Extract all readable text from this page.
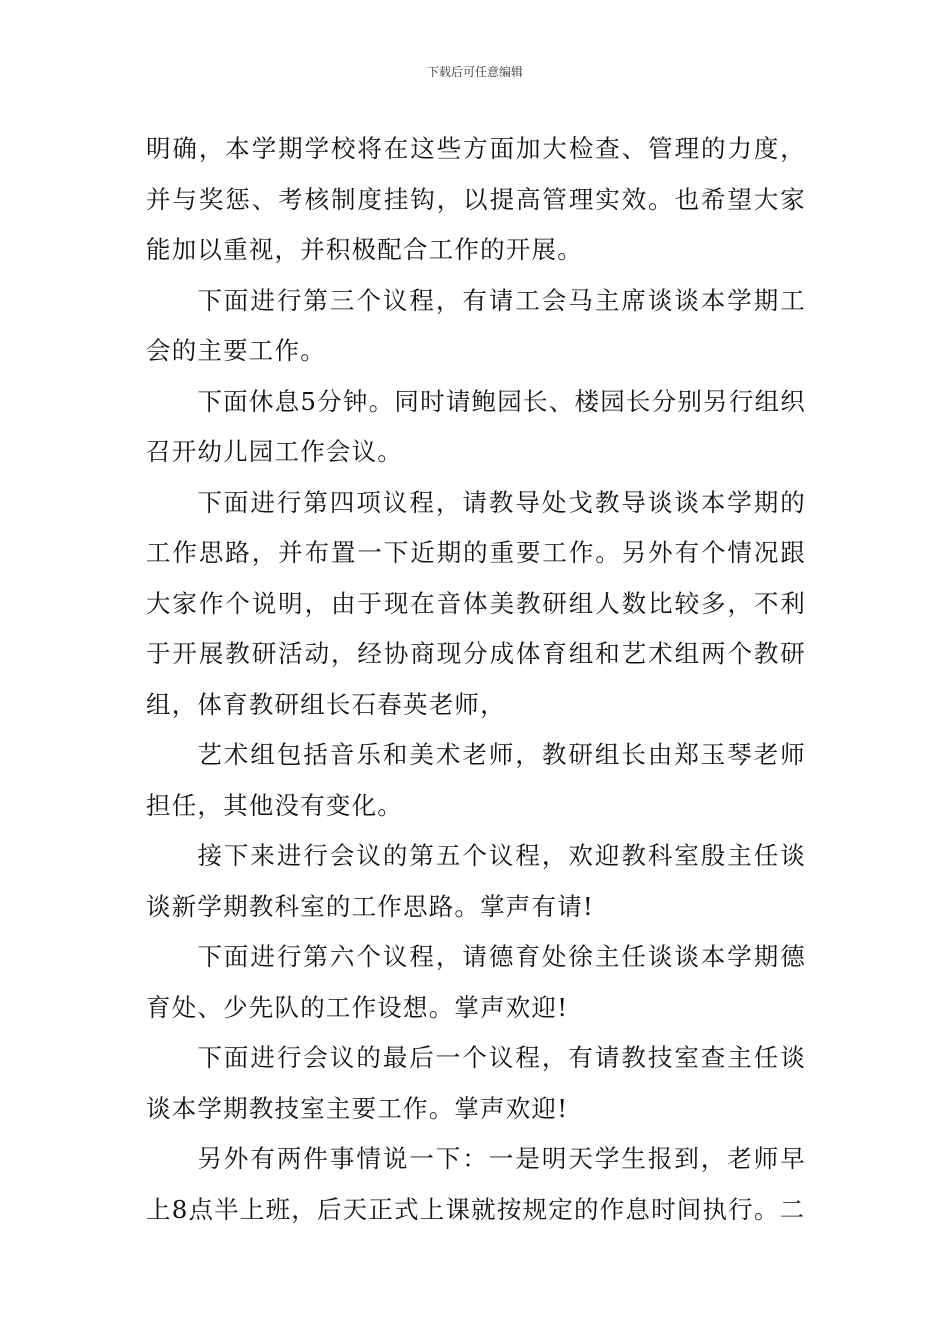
下载后可任意编辑

明确，本学期学校将在这些方面加大检查、管理的力度，并与奖惩、考核制度挂钩，以提高管理实效。也希望大家能加以重视，并积极配合工作的开展。

下面进行第三个议程，有请工会马主席谈谈本学期工会的主要工作。

下面休息5分钟。同时请鲍园长、楼园长分别另行组织召开幼儿园工作会议。

下面进行第四项议程，请教导处戈教导谈谈本学期的工作思路，并布置一下近期的重要工作。另外有个情况跟大家作个说明，由于现在音体美教研组人数比较多，不利于开展教研活动，经协商现分成体育组和艺术组两个教研组，体育教研组长石春英老师，

艺术组包括音乐和美术老师，教研组长由郑玉琴老师担任，其他没有变化。

接下来进行会议的第五个议程，欢迎教科室殷主任谈谈新学期教科室的工作思路。掌声有请!

下面进行第六个议程，请德育处徐主任谈谈本学期德育处、少先队的工作设想。掌声欢迎!

下面进行会议的最后一个议程，有请教技室查主任谈谈本学期教技室主要工作。掌声欢迎!

另外有两件事情说一下：一是明天学生报到，老师早上8点半上班，后天正式上课就按规定的作息时间执行。二
